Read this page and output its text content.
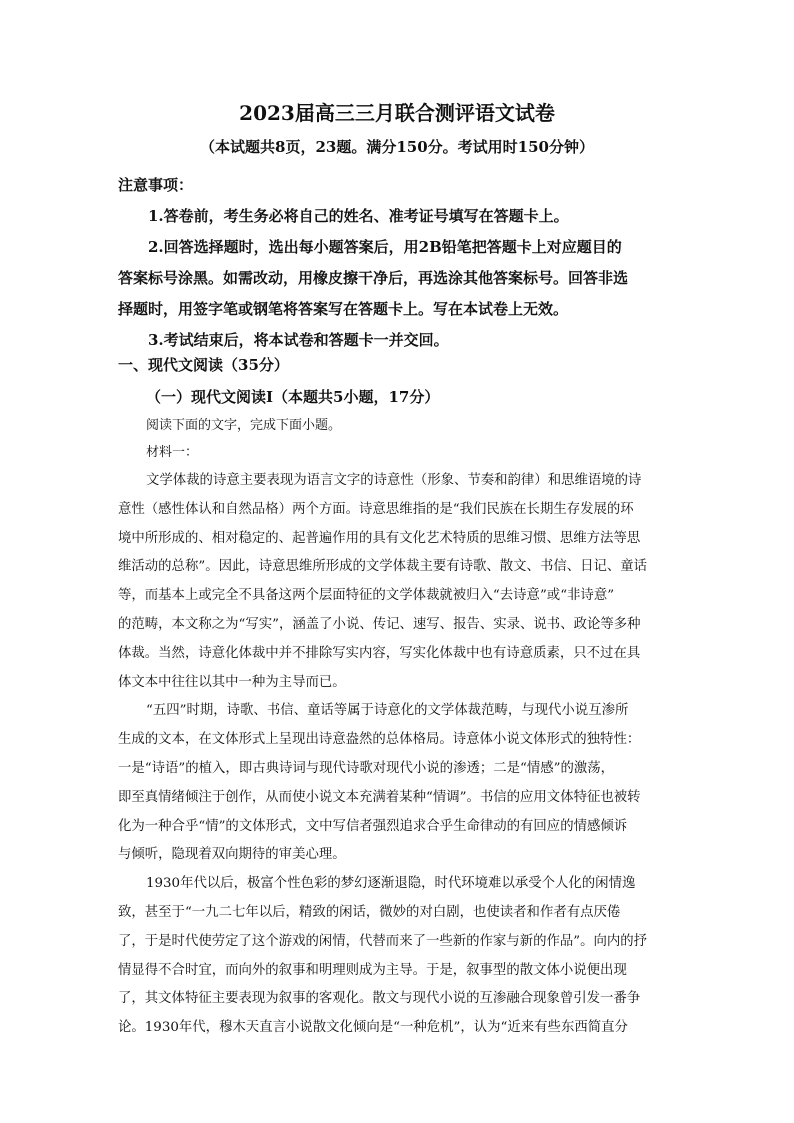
2023届高三三月联合测评语文试卷
（本试题共8页，23题。满分150分。考试用时150分钟）

注意事项：

1.答卷前，考生务必将自己的姓名、准考证号填写在答题卡上。

2.回答选择题时，选出每小题答案后，用2B铅笔把答题卡上对应题目的

答案标号涂黑。如需改动，用橡皮擦干净后，再选涂其他答案标号。回答非选

择题时，用签字笔或钢笔将答案写在答题卡上。写在本试卷上无效。

3.考试结束后，将本试卷和答题卡一并交回。

一、现代文阅读（35分）
（一）现代文阅读Ⅰ（本题共5小题，17分）
阅读下面的文字，完成下面小题。
材料一：
文学体裁的诗意主要表现为语言文字的诗意性（形象、节奏和韵律）和思维语境的诗
意性（感性体认和自然品格）两个方面。诗意思维指的是“我们民族在长期生存发展的环
境中所形成的、相对稳定的、起普遍作用的具有文化艺术特质的思维习惯、思维方法等思
维活动的总称”。因此，诗意思维所形成的文学体裁主要有诗歌、散文、书信、日记、童话
等，而基本上或完全不具备这两个层面特征的文学体裁就被归入“去诗意”或“非诗意”
的范畴，本文称之为“写实”，涵盖了小说、传记、速写、报告、实录、说书、政论等多种
体裁。当然，诗意化体裁中并不排除写实内容，写实化体裁中也有诗意质素，只不过在具
体文本中往往以其中一种为主导而已。
“五四”时期，诗歌、书信、童话等属于诗意化的文学体裁范畴，与现代小说互渗所
生成的文本，在文体形式上呈现出诗意盎然的总体格局。诗意体小说文体形式的独特性：
一是“诗语”的植入，即古典诗词与现代诗歌对现代小说的渗透；二是“情感”的激荡，
即至真情绪倾注于创作，从而使小说文本充满着某种“情调”。书信的应用文体特征也被转
化为一种合乎“情”的文体形式，文中写信者强烈追求合乎生命律动的有回应的情感倾诉
与倾听，隐现着双向期待的审美心理。
1930年代以后，极富个性色彩的梦幻逐渐退隐，时代环境难以承受个人化的闲情逸
致，甚至于“一九二七年以后，精致的闲话，微妙的对白剧，也使读者和作者有点厌倦
了，于是时代使劳定了这个游戏的闲情，代替而来了一些新的作家与新的作品”。向内的抒
情显得不合时宜，而向外的叙事和明理则成为主导。于是，叙事型的散文体小说便出现
了，其文体特征主要表现为叙事的客观化。散文与现代小说的互渗融合现象曾引发一番争
论。1930年代，穆木天直言小说散文化倾向是“一种危机”，认为“近来有些东西简直分
